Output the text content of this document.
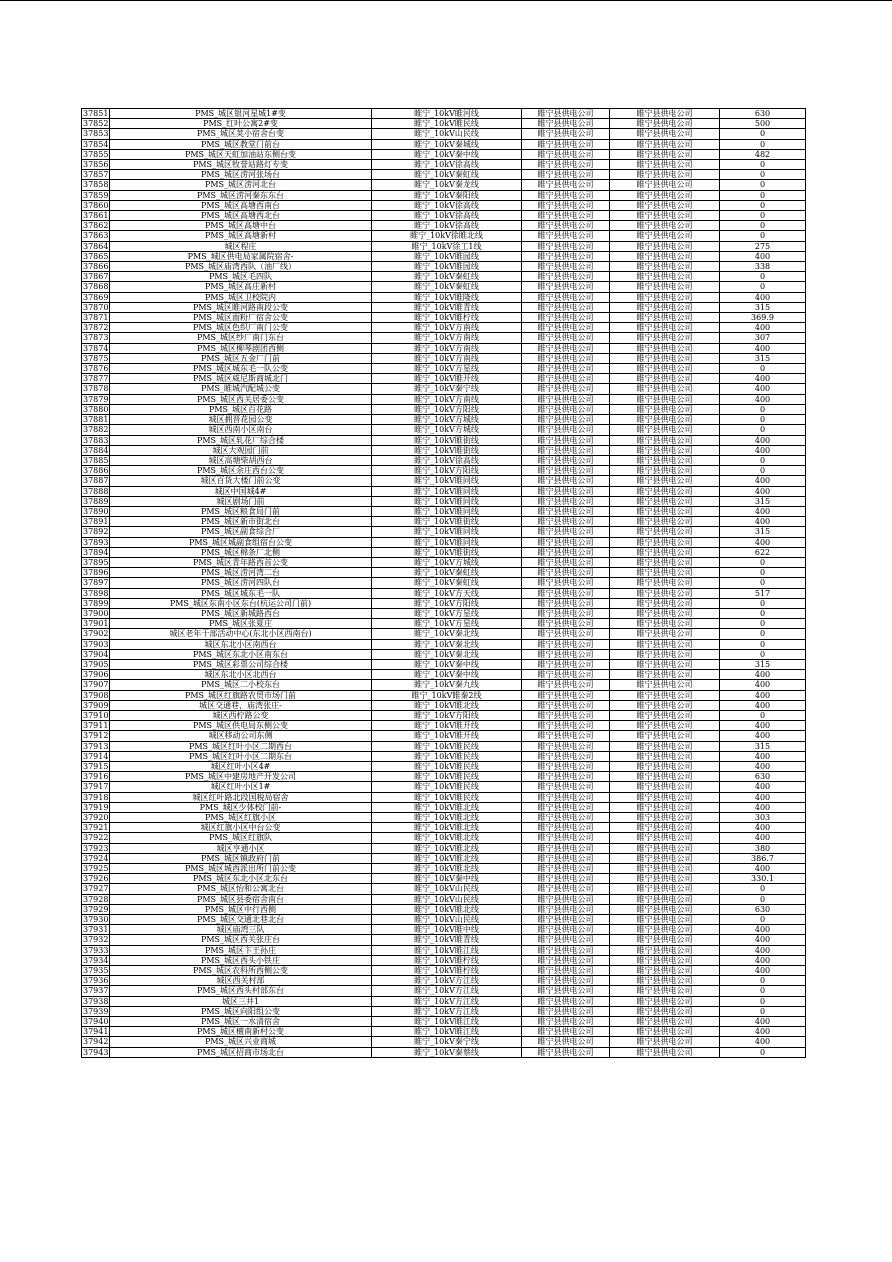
37851	PMS_城区银河星城1#变	睢宁_10kV睢河线	睢宁县供电公司	睢宁县供电公司	630
37852	PMS_红叶公寓2#变	睢宁_10kV睢民线	睢宁县供电公司	睢宁县供电公司	500
37853	PMS_城区荚小宿舍台变	睢宁_10kV山民线	睢宁县供电公司	睢宁县供电公司	0
37854	PMS_城区教堂门前台	睢宁_10kV秦城线	睢宁县供电公司	睢宁县供电公司	0
37855	PMS_城区天虹加油站东侧台变	睢宁_10kV秦中线	睢宁县供电公司	睢宁县供电公司	482
37856	PMS_城区牧誉站路灯专变	睢宁_10kV徐高线	睢宁县供电公司	睢宁县供电公司	0
37857	PMS_城区涝河张场台	睢宁_10kV秦虹线	睢宁县供电公司	睢宁县供电公司	0
37858	PMS_城区涝河北台	睢宁_10kV秦龙线	睢宁县供电公司	睢宁县供电公司	0
37859	PMS_城区涝河秦东东台	睢宁_10kV秦阳线	睢宁县供电公司	睢宁县供电公司	0
37860	PMS_城区高塘西南台	睢宁_10kV徐高线	睢宁县供电公司	睢宁县供电公司	0
37861	PMS_城区高塘西北台	睢宁_10kV徐高线	睢宁县供电公司	睢宁县供电公司	0
37862	PMS_城区高塘中台	睢宁_10kV徐高线	睢宁县供电公司	睢宁县供电公司	0
37863	PMS_城区高塘新村	睢宁_10kV徐睢北线	睢宁县供电公司	睢宁县供电公司	0
37864	城区程庄	睢宁_10kV徐工1线	睢宁县供电公司	睢宁县供电公司	275
37865	PMS_城区供电局家属院宿舍-	睢宁_10kV睢园线	睢宁县供电公司	睢宁县供电公司	400
37866	PMS_城区庙湾西队（油厂线）	睢宁_10kV睢园线	睢宁县供电公司	睢宁县供电公司	338
37867	PMS_城区毛四队	睢宁_10kV秦虹线	睢宁县供电公司	睢宁县供电公司	0
37868	PMS_城区高庄新村	睢宁_10kV秦虹线	睢宁县供电公司	睢宁县供电公司	0
37869	PMS_城区卫校院内	睢宁_10kV睢隆线	睢宁县供电公司	睢宁县供电公司	400
37870	PMS_城区睢河路南段公变	睢宁_10kV睢青线	睢宁县供电公司	睢宁县供电公司	315
37871	PMS_城区面粉厂宿舍公变	睢宁_10kV睢柠线	睢宁县供电公司	睢宁县供电公司	369.9
37872	PMS_城区色织厂南门公变	睢宁_10kV方南线	睢宁县供电公司	睢宁县供电公司	400
37873	PMS_城区纱厂南门东台	睢宁_10kV方南线	睢宁县供电公司	睢宁县供电公司	307
37874	PMS_城区柳琴剧团西侧	睢宁_10kV方南线	睢宁县供电公司	睢宁县供电公司	400
37875	PMS_城区五金厂门前	睢宁_10kV方南线	睢宁县供电公司	睢宁县供电公司	315
37876	PMS_城区城东毛一队公变	睢宁_10kV方星线	睢宁县供电公司	睢宁县供电公司	0
37877	PMS_城区威尼斯商城北门	睢宁_10kV睢开线	睢宁县供电公司	睢宁县供电公司	400
37878	PMS_睢城汽配城公变	睢宁_10kV秦宁线	睢宁县供电公司	睢宁县供电公司	400
37879	PMS_城区西关居委公变	睢宁_10kV方南线	睢宁县供电公司	睢宁县供电公司	400
37880	PMS_城区百花路	睢宁_10kV方阳线	睢宁县供电公司	睢宁县供电公司	0
37881	城区拥晋花园公变	睢宁_10kV方城线	睢宁县供电公司	睢宁县供电公司	0
37882	城区西南小区南台	睢宁_10kV方城线	睢宁县供电公司	睢宁县供电公司	0
37883	PMS_城区轧花厂综合楼	睢宁_10kV睢街线	睢宁县供电公司	睢宁县供电公司	400
37884	城区大观园门前	睢宁_10kV睢街线	睢宁县供电公司	睢宁县供电公司	400
37885	城区高塘柴胡西台	睢宁_10kV徐高线	睢宁县供电公司	睢宁县供电公司	0
37886	PMS_城区余庄西台公变	睢宁_10kV方阳线	睢宁县供电公司	睢宁县供电公司	0
37887	城区百货大楼门前公变	睢宁_10kV睢同线	睢宁县供电公司	睢宁县供电公司	400
37888	城区中国城4#	睢宁_10kV睢同线	睢宁县供电公司	睢宁县供电公司	400
37889	城区剧场门前	睢宁_10kV睢同线	睢宁县供电公司	睢宁县供电公司	315
37890	PMS_城区粮食局门前	睢宁_10kV睢同线	睢宁县供电公司	睢宁县供电公司	400
37891	PMS_城区新市街北台	睢宁_10kV睢街线	睢宁县供电公司	睢宁县供电公司	400
37892	PMS_城区副食综合厂	睢宁_10kV睢同线	睢宁县供电公司	睢宁县供电公司	315
37893	PMS_城区城副食组宿台公变	睢宁_10kV睢同线	睢宁县供电公司	睢宁县供电公司	400
37894	PMS_城区棉条厂北侧	睢宁_10kV睢街线	睢宁县供电公司	睢宁县供电公司	622
37895	PMS_城区青年路西首公变	睢宁_10kV方城线	睢宁县供电公司	睢宁县供电公司	0
37896	PMS_城区涝河湾二台	睢宁_10kV秦虹线	睢宁县供电公司	睢宁县供电公司	0
37897	PMS_城区涝河四队台	睢宁_10kV秦虹线	睢宁县供电公司	睢宁县供电公司	0
37898	PMS_城区城东毛一队	睢宁_10kV方天线	睢宁县供电公司	睢宁县供电公司	517
37899	PMS_城区东南小区东台(杭运公司门前)	睢宁_10kV方阳线	睢宁县供电公司	睢宁县供电公司	0
37900	PMS_城区新城路西台	睢宁_10kV方星线	睢宁县供电公司	睢宁县供电公司	0
37901	PMS_城区张夏庄	睢宁_10kV方星线	睢宁县供电公司	睢宁县供电公司	0
37902	城区老年干部活动中心(东北小区西南台)	睢宁_10kV秦北线	睢宁县供电公司	睢宁县供电公司	0
37903	城区东北小区南西台	睢宁_10kV秦北线	睢宁县供电公司	睢宁县供电公司	0
37904	PMS_城区东北小区南东台	睢宁_10kV秦北线	睢宁县供电公司	睢宁县供电公司	0
37905	PMS_城区彩票公司综合楼	睢宁_10kV秦中线	睢宁县供电公司	睢宁县供电公司	315
37906	城区东北小区北西台	睢宁_10kV秦中线	睢宁县供电公司	睢宁县供电公司	400
37907	PMS_城区二小校东台	睢宁_10kV秦九线	睢宁县供电公司	睢宁县供电公司	400
37908	PMS_城区红旗路农贸市场门前	睢宁_10kV睢秦2线	睢宁县供电公司	睢宁县供电公司	400
37909	城区交通巷，庙湾张庄-	睢宁_10kV睢北线	睢宁县供电公司	睢宁县供电公司	400
37910	城区西柠路公变	睢宁_10kV方阳线	睢宁县供电公司	睢宁县供电公司	0
37911	PMS_城区供电局东侧公变	睢宁_10kV睢开线	睢宁县供电公司	睢宁县供电公司	400
37912	城区移动公司东侧	睢宁_10kV睢开线	睢宁县供电公司	睢宁县供电公司	400
37913	PMS_城区红叶小区二期西台	睢宁_10kV睢民线	睢宁县供电公司	睢宁县供电公司	315
37914	PMS_城区红叶小区二期东台	睢宁_10kV睢民线	睢宁县供电公司	睢宁县供电公司	400
37915	城区红叶小区4#	睢宁_10kV睢民线	睢宁县供电公司	睢宁县供电公司	400
37916	PMS_城区中建房地产开发公司	睢宁_10kV睢民线	睢宁县供电公司	睢宁县供电公司	630
37917	城区红叶小区1#	睢宁_10kV睢民线	睢宁县供电公司	睢宁县供电公司	400
37918	城区红叶路北段国税局宿舍	睢宁_10kV睢民线	睢宁县供电公司	睢宁县供电公司	400
37919	PMS_城区少体校门前-	睢宁_10kV睢北线	睢宁县供电公司	睢宁县供电公司	400
37920	PMS_城区红旗小区	睢宁_10kV睢北线	睢宁县供电公司	睢宁县供电公司	303
37921	城区红旗小区中台公变	睢宁_10kV睢北线	睢宁县供电公司	睢宁县供电公司	400
37922	PMS_城区红旗队	睢宁_10kV睢北线	睢宁县供电公司	睢宁县供电公司	400
37923	城区亨通小区	睢宁_10kV睢北线	睢宁县供电公司	睢宁县供电公司	380
37924	PMS_城区镇政府门前	睢宁_10kV睢北线	睢宁县供电公司	睢宁县供电公司	386.7
37925	PMS_城区城西派出所门前公变	睢宁_10kV睢北线	睢宁县供电公司	睢宁县供电公司	400
37926	PMS_城区东北小区北东台	睢宁_10kV秦中线	睢宁县供电公司	睢宁县供电公司	330.1
37927	PMS_城区怡和公寓北台	睢宁_10kV山民线	睢宁县供电公司	睢宁县供电公司	0
37928	PMS_城区县委宿舍南台	睢宁_10kV山民线	睢宁县供电公司	睢宁县供电公司	0
37929	PMS_城区中行西侧	睢宁_10kV睢北线	睢宁县供电公司	睢宁县供电公司	630
37930	PMS_城区交通北巷北台	睢宁_10kV山民线	睢宁县供电公司	睢宁县供电公司	0
37931	城区庙湾三队	睢宁_10kV睢中线	睢宁县供电公司	睢宁县供电公司	400
37932	PMS_城区西关张庄台	睢宁_10kV睢青线	睢宁县供电公司	睢宁县供电公司	400
37933	PMS_城区卞王孙庄	睢宁_10kV睢江线	睢宁县供电公司	睢宁县供电公司	400
37934	PMS_城区西头小铁庄	睢宁_10kV睢柠线	睢宁县供电公司	睢宁县供电公司	400
37935	PMS_城区农科所西侧公变	睢宁_10kV睢柠线	睢宁县供电公司	睢宁县供电公司	400
37936	城区西关村部	睢宁_10kV方江线	睢宁县供电公司	睢宁县供电公司	0
37937	PMS_城区西头村部东台	睢宁_10kV方江线	睢宁县供电公司	睢宁县供电公司	0
37938	城区三井1	睢宁_10kV方江线	睢宁县供电公司	睢宁县供电公司	0
37939	PMS_城区向阳组公变	睢宁_10kV方江线	睢宁县供电公司	睢宁县供电公司	0
37940	PMS_城区一水清宿舍	睢宁_10kV睢江线	睢宁县供电公司	睢宁县供电公司	400
37941	PMS_城区檀南新村公变	睢宁_10kV睢江线	睢宁县供电公司	睢宁县供电公司	400
37942	PMS_城区兴业商城	睢宁_10kV秦宁线	睢宁县供电公司	睢宁县供电公司	400
37943	PMS_城区招商市场北台	睢宁_10kV秦蔡线	睢宁县供电公司	睢宁县供电公司	0
